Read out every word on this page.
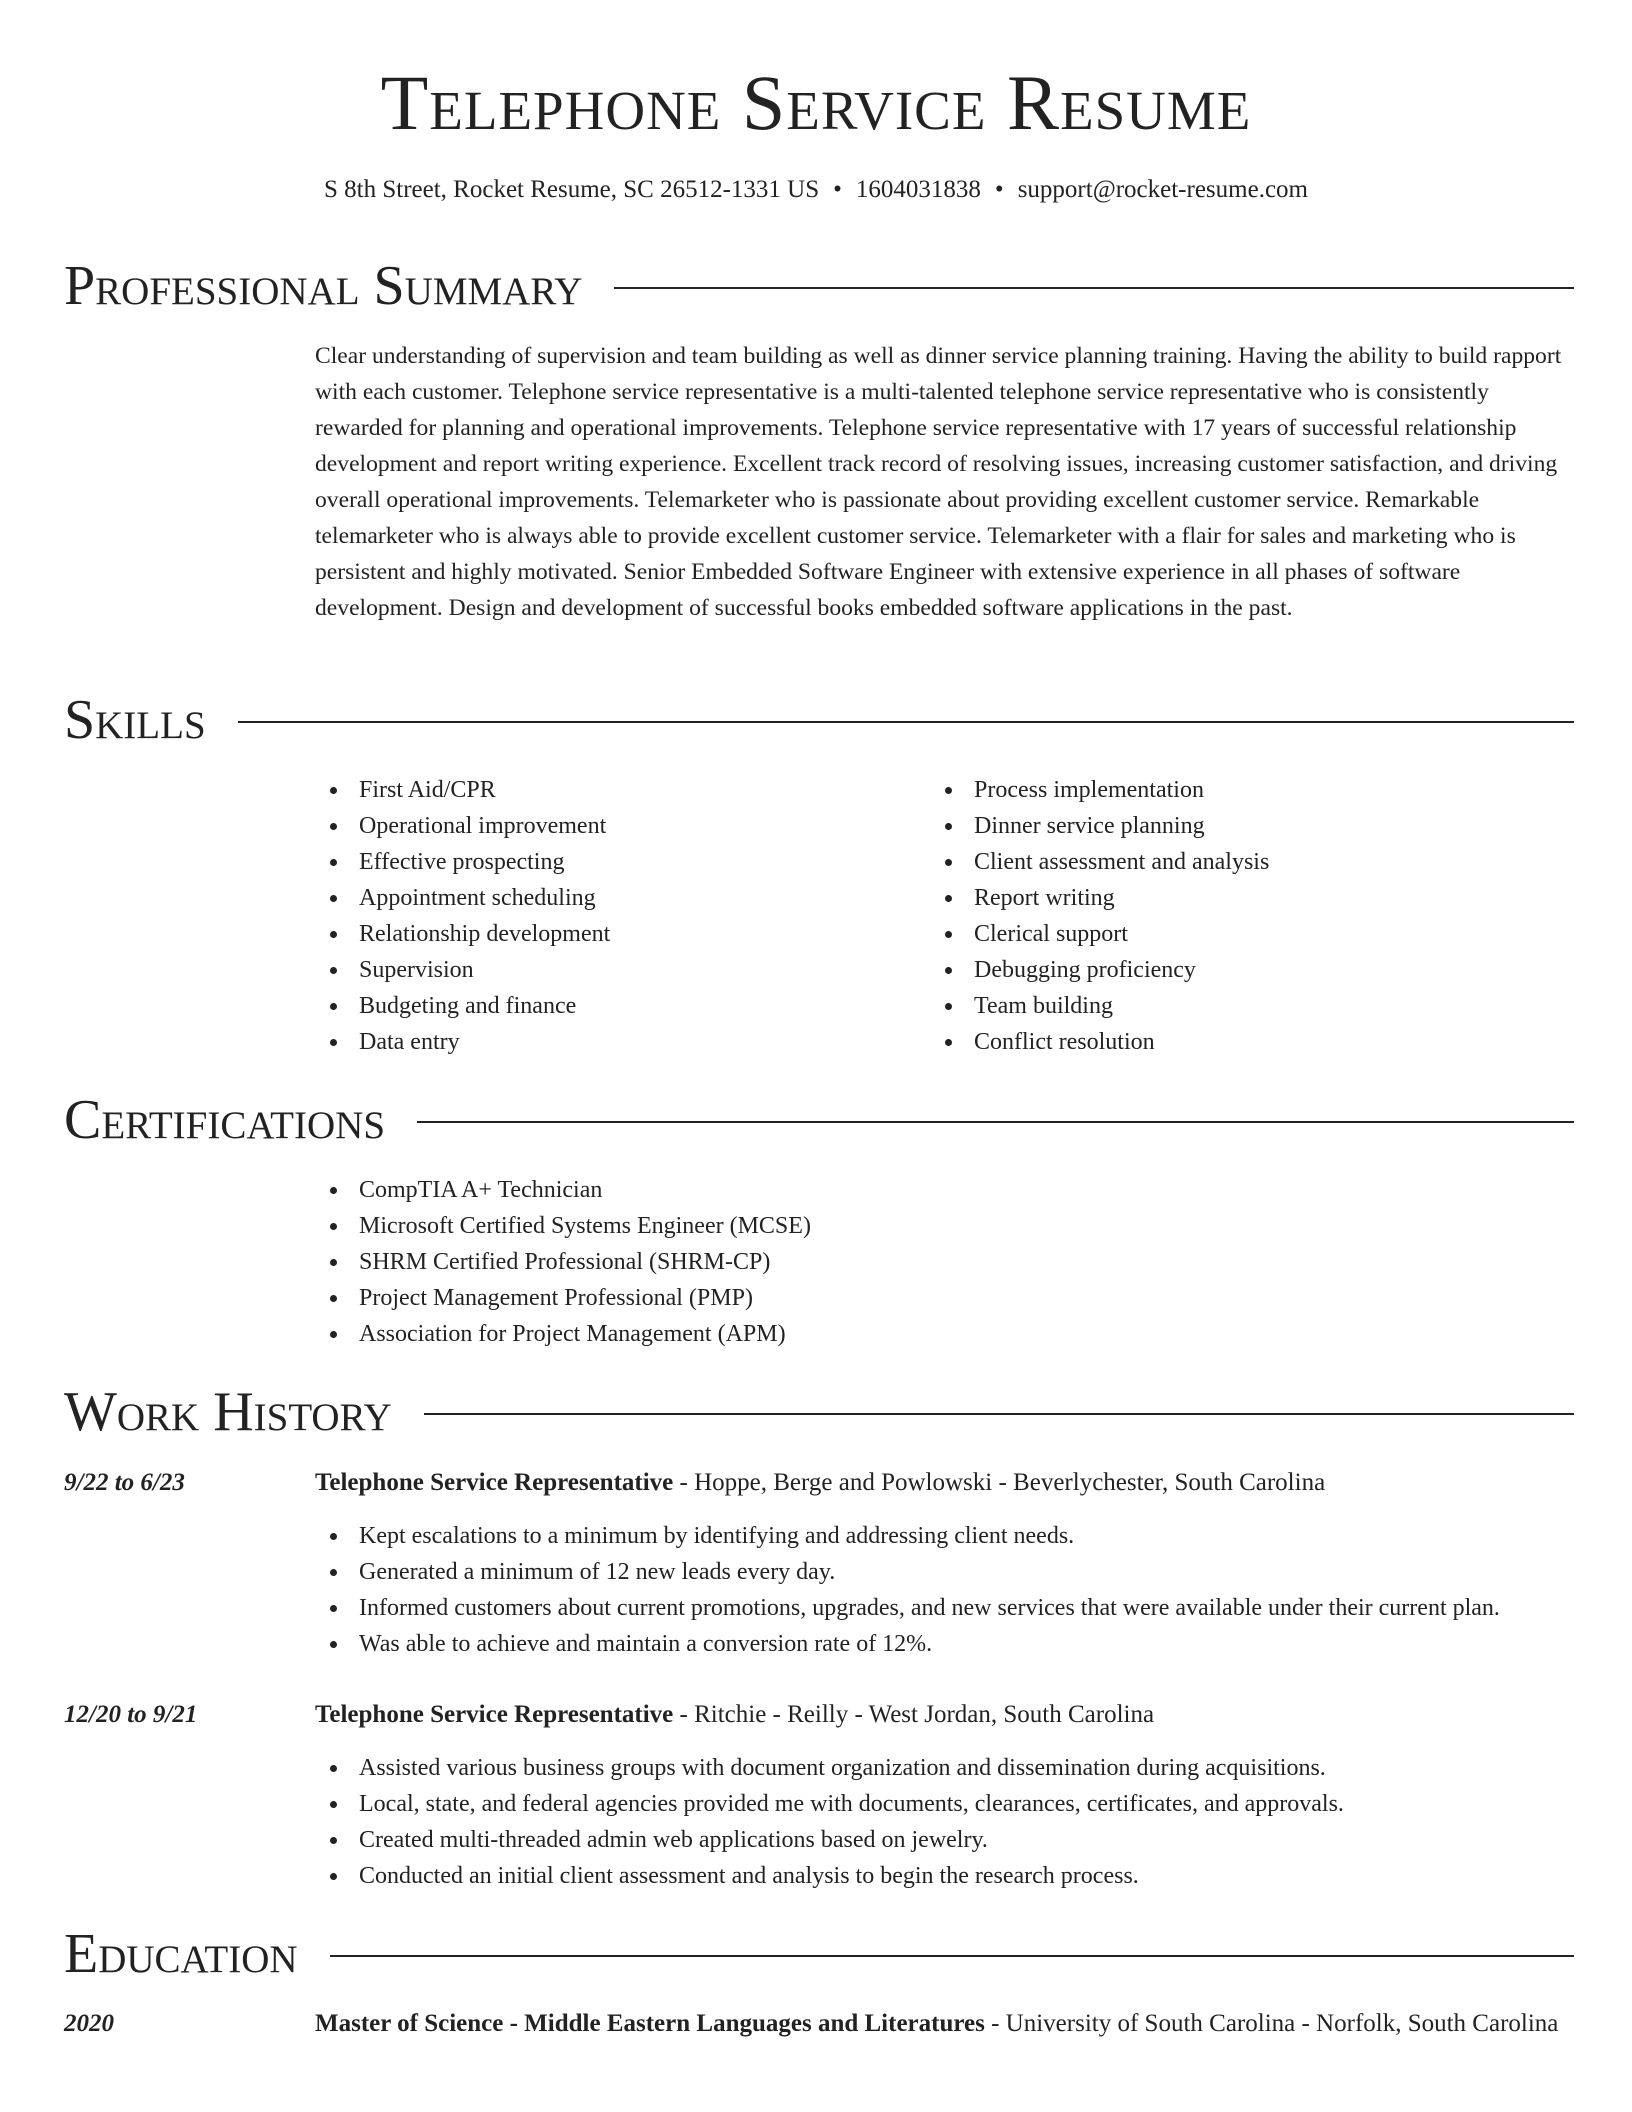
Telephone Service Resume
S 8th Street, Rocket Resume, SC 26512-1331 US • 1604031838 • support@rocket-resume.com
Professional Summary
Clear understanding of supervision and team building as well as dinner service planning training. Having the ability to build rapport with each customer. Telephone service representative is a multi-talented telephone service representative who is consistently rewarded for planning and operational improvements. Telephone service representative with 17 years of successful relationship development and report writing experience. Excellent track record of resolving issues, increasing customer satisfaction, and driving overall operational improvements. Telemarketer who is passionate about providing excellent customer service. Remarkable telemarketer who is always able to provide excellent customer service. Telemarketer with a flair for sales and marketing who is persistent and highly motivated. Senior Embedded Software Engineer with extensive experience in all phases of software development. Design and development of successful books embedded software applications in the past.
Skills
First Aid/CPR
Operational improvement
Effective prospecting
Appointment scheduling
Relationship development
Supervision
Budgeting and finance
Data entry
Process implementation
Dinner service planning
Client assessment and analysis
Report writing
Clerical support
Debugging proficiency
Team building
Conflict resolution
Certifications
CompTIA A+ Technician
Microsoft Certified Systems Engineer (MCSE)
SHRM Certified Professional (SHRM-CP)
Project Management Professional (PMP)
Association for Project Management (APM)
Work History
9/22 to 6/23	Telephone Service Representative - Hoppe, Berge and Powlowski - Beverlychester, South Carolina
Kept escalations to a minimum by identifying and addressing client needs.
Generated a minimum of 12 new leads every day.
Informed customers about current promotions, upgrades, and new services that were available under their current plan.
Was able to achieve and maintain a conversion rate of 12%.
12/20 to 9/21	Telephone Service Representative - Ritchie - Reilly - West Jordan, South Carolina
Assisted various business groups with document organization and dissemination during acquisitions.
Local, state, and federal agencies provided me with documents, clearances, certificates, and approvals.
Created multi-threaded admin web applications based on jewelry.
Conducted an initial client assessment and analysis to begin the research process.
Education
2020	Master of Science - Middle Eastern Languages and Literatures - University of South Carolina - Norfolk, South Carolina
